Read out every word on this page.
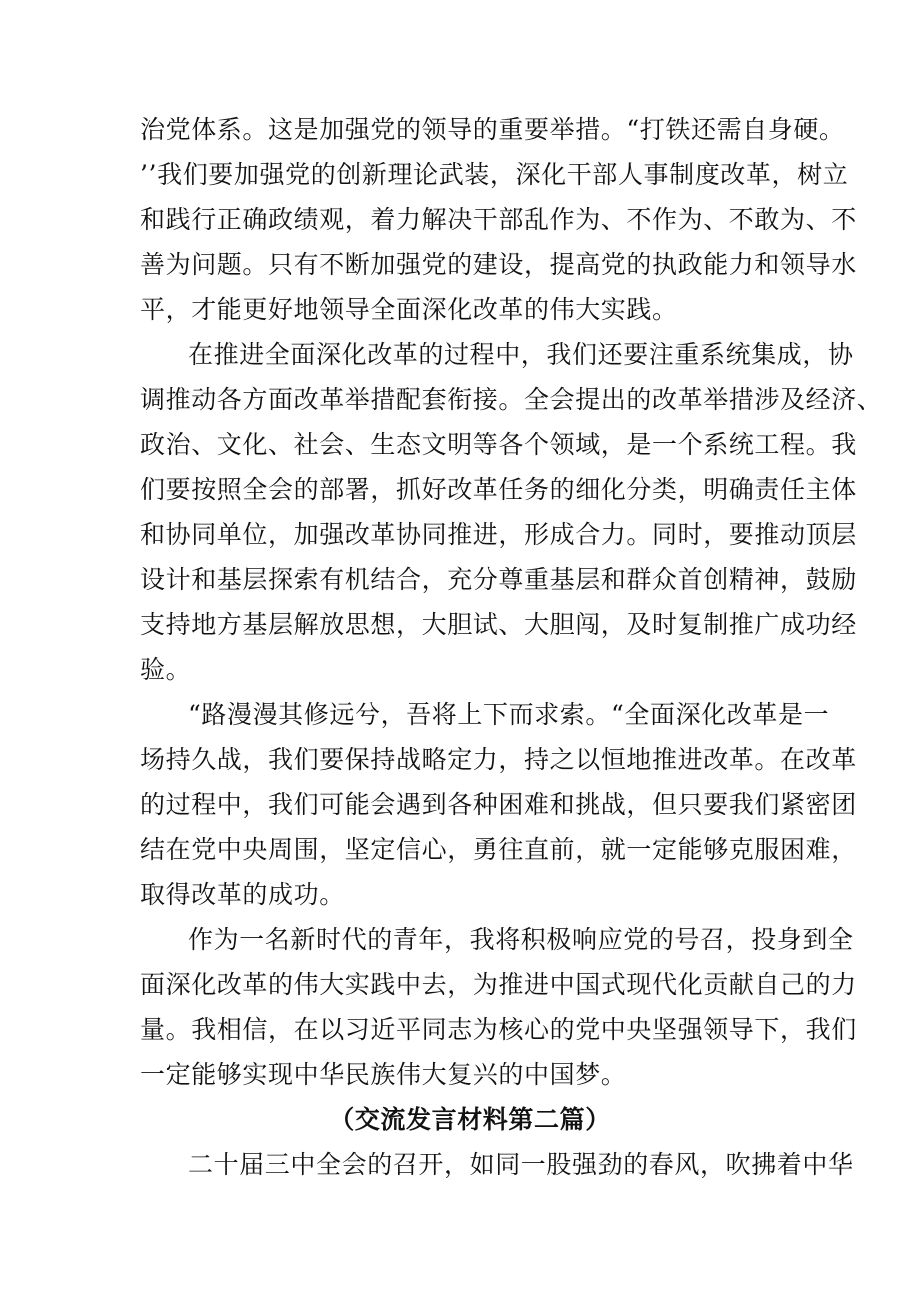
治党体系。这是加强党的领导的重要举措。“打铁还需自身硬。
’’我们要加强党的创新理论武装，深化干部人事制度改革，树立
和践行正确政绩观，着力解决干部乱作为、不作为、不敢为、不
善为问题。只有不断加强党的建设，提高党的执政能力和领导水
平，才能更好地领导全面深化改革的伟大实践。
在推进全面深化改革的过程中，我们还要注重系统集成，协
调推动各方面改革举措配套衔接。全会提出的改革举措涉及经济、
政治、文化、社会、生态文明等各个领域，是一个系统工程。我
们要按照全会的部署，抓好改革任务的细化分类，明确责任主体
和协同单位，加强改革协同推进，形成合力。同时，要推动顶层
设计和基层探索有机结合，充分尊重基层和群众首创精神，鼓励
支持地方基层解放思想，大胆试、大胆闯，及时复制推广成功经
验。
“路漫漫其修远兮，吾将上下而求索。“全面深化改革是一
场持久战，我们要保持战略定力，持之以恒地推进改革。在改革
的过程中，我们可能会遇到各种困难和挑战，但只要我们紧密团
结在党中央周围，坚定信心，勇往直前，就一定能够克服困难，
取得改革的成功。
作为一名新时代的青年，我将积极响应党的号召，投身到全
面深化改革的伟大实践中去，为推进中国式现代化贡献自己的力
量。我相信，在以习近平同志为核心的党中央坚强领导下，我们
一定能够实现中华民族伟大复兴的中国梦。
（交流发言材料第二篇）
二十届三中全会的召开，如同一股强劲的春风，吹拂着中华
